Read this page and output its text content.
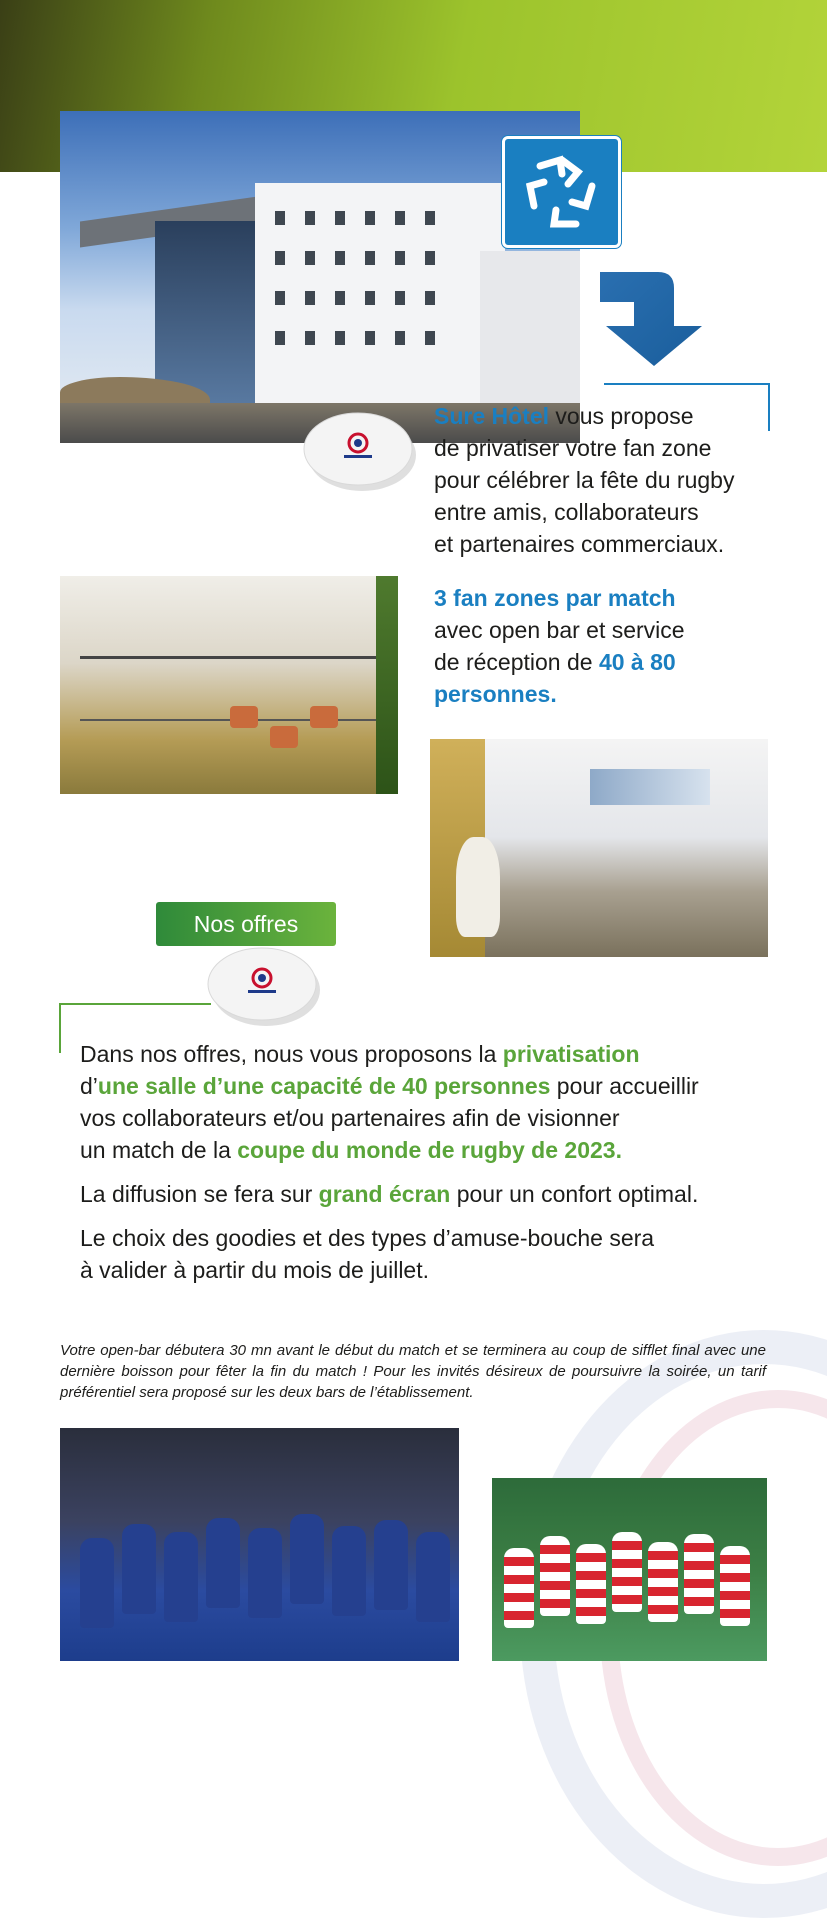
Sure Hôtel vous propose
de privatiser votre fan zone
pour célébrer la fête du rugby
entre amis, collaborateurs
et partenaires commerciaux.

3 fan zones par match
avec open bar et service
de réception de 40 à 80
personnes.

Nos offres

Dans nos offres, nous vous proposons la privatisation
d’une salle d’une capacité de 40 personnes pour accueillir
vos collaborateurs et/ou partenaires afin de visionner
un match de la coupe du monde de rugby de 2023.

La diffusion se fera sur grand écran pour un confort optimal.

Le choix des goodies et des types d’amuse-bouche sera
à valider à partir du mois de juillet.

Votre open-bar débutera 30 mn avant le début du match et se terminera au coup de sifflet final avec une dernière boisson pour fêter la fin du match ! Pour les invités désireux de poursuivre la soirée, un tarif préférentiel sera proposé sur les deux bars de l’établissement.
